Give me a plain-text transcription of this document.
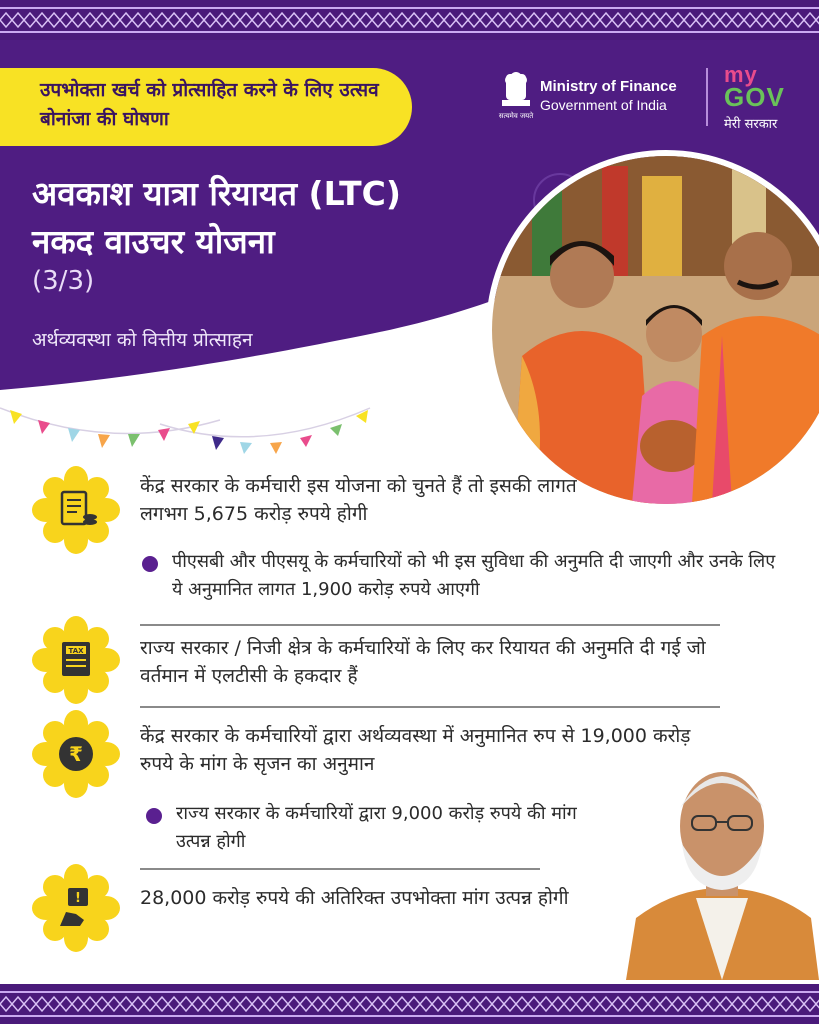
उपभोक्ता खर्च को प्रोत्साहित करने के लिए उत्सव बोनांजा की घोषणा	सत्यमेव जयते
Ministry of Finance
Government of India
my
GOV
मेरी सरकार
अवकाश यात्रा रियायत (LTC)
नकद वाउचर योजना
(3/3)
अर्थव्यवस्था को वित्तीय प्रोत्साहन
केंद्र सरकार के कर्मचारी इस योजना को चुनते हैं तो इसकी लागत लगभग 5,675 करोड़ रुपये होगी
पीएसबी और पीएसयू के कर्मचारियों को भी इस सुविधा की अनुमति दी जाएगी और उनके लिए ये अनुमानित लागत 1,900 करोड़ रुपये आएगी
TAX	राज्य सरकार / निजी क्षेत्र के कर्मचारियों के लिए कर रियायत की अनुमति दी गई जो वर्तमान में एलटीसी के हकदार हैं
₹
केंद्र सरकार के कर्मचारियों द्वारा अर्थव्यवस्था में अनुमानित रुप से 19,000 करोड़ रुपये के मांग के सृजन का अनुमान
राज्य सरकार के कर्मचारियों द्वारा 9,000 करोड़ रुपये की मांग उत्पन्न होगी
!	28,000 करोड़ रुपये की अतिरिक्त उपभोक्ता मांग उत्पन्न होगी
